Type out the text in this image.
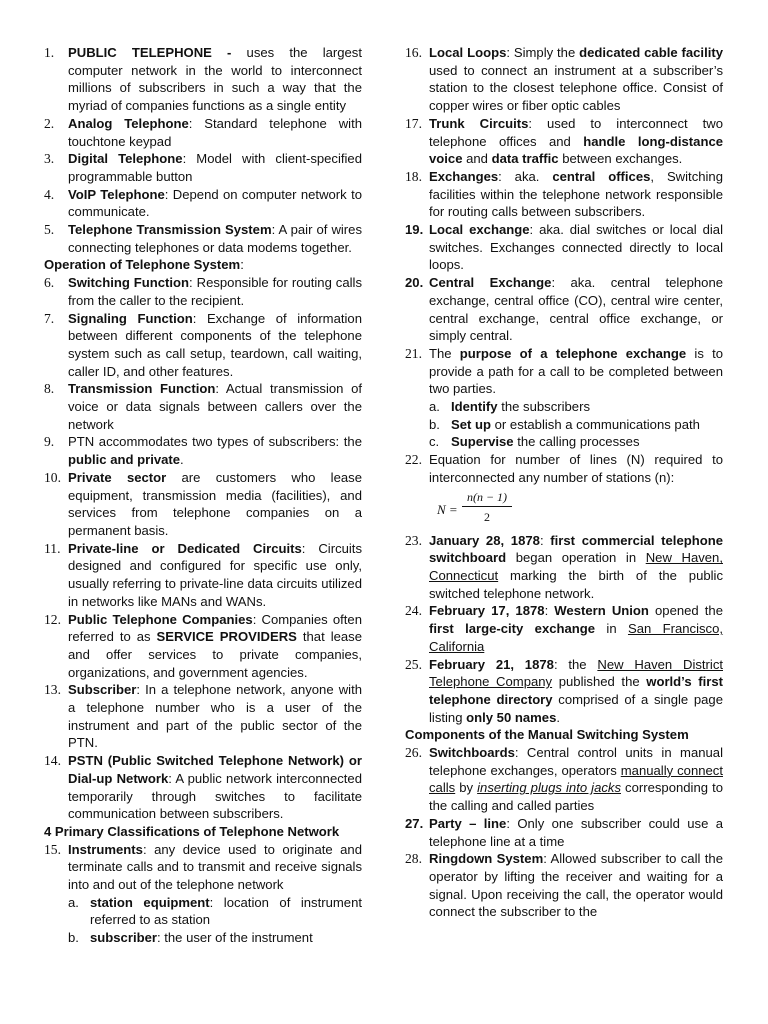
1.	PUBLIC TELEPHONE - uses the largest computer network in the world to interconnect millions of subscribers in such a way that the myriad of companies functions as a single entity
2.	Analog Telephone: Standard telephone with touchtone keypad
3.	Digital Telephone: Model with client-specified programmable button
4.	VoIP Telephone: Depend on computer network to communicate.
5.	Telephone Transmission System: A pair of wires connecting telephones or data modems together.
Operation of Telephone System:
6.	Switching Function: Responsible for routing calls from the caller to the recipient.
7.	Signaling Function: Exchange of information between different components of the telephone system such as call setup, teardown, call waiting, caller ID, and other features.
8.	Transmission Function: Actual transmission of voice or data signals between callers over the network
9.	PTN accommodates two types of subscribers: the public and private.
10. Private sector are customers who lease equipment, transmission media (facilities), and services from telephone companies on a permanent basis.
11. Private-line or Dedicated Circuits: Circuits designed and configured for specific use only, usually referring to private-line data circuits utilized in networks like MANs and WANs.
12. Public Telephone Companies: Companies often referred to as SERVICE PROVIDERS that lease and offer services to private companies, organizations, and government agencies.
13. Subscriber: In a telephone network, anyone with a telephone number who is a user of the instrument and part of the public sector of the PTN.
14. PSTN (Public Switched Telephone Network) or Dial-up Network: A public network interconnected temporarily through switches to facilitate communication between subscribers.
4 Primary Classifications of Telephone Network
15. Instruments: any device used to originate and terminate calls and to transmit and receive signals into and out of the telephone network
a. station equipment: location of instrument referred to as station
b. subscriber: the user of the instrument
16. Local Loops: Simply the dedicated cable facility used to connect an instrument at a subscriber’s station to the closest telephone office. Consist of copper wires or fiber optic cables
17. Trunk Circuits: used to interconnect two telephone offices and handle long-distance voice and data traffic between exchanges.
18. Exchanges: aka. central offices, Switching facilities within the telephone network responsible for routing calls between subscribers.
19. Local exchange: aka. dial switches or local dial switches. Exchanges connected directly to local loops.
20. Central Exchange: aka. central telephone exchange, central office (CO), central wire center, central exchange, central office exchange, or simply central.
21. The purpose of a telephone exchange is to provide a path for a call to be completed between two parties.
a. Identify the subscribers
b. Set up or establish a communications path
c. Supervise the calling processes
22. Equation for number of lines (N) required to interconnected any number of stations (n):
N =
n(n − 1)
2
23. January 28, 1878: first commercial telephone switchboard began operation in New Haven, Connecticut marking the birth of the public switched telephone network.
24. February 17, 1878: Western Union opened the first large-city exchange in San Francisco, California
25. February 21, 1878: the New Haven District Telephone Company published the world’s first telephone directory comprised of a single page listing only 50 names.
Components of the Manual Switching System
26. Switchboards: Central control units in manual telephone exchanges, operators manually connect calls by inserting plugs into jacks corresponding to the calling and called parties
27. Party – line: Only one subscriber could use a telephone line at a time
28. Ringdown System: Allowed subscriber to call the operator by lifting the receiver and waiting for a signal. Upon receiving the call, the operator would connect the subscriber to the
